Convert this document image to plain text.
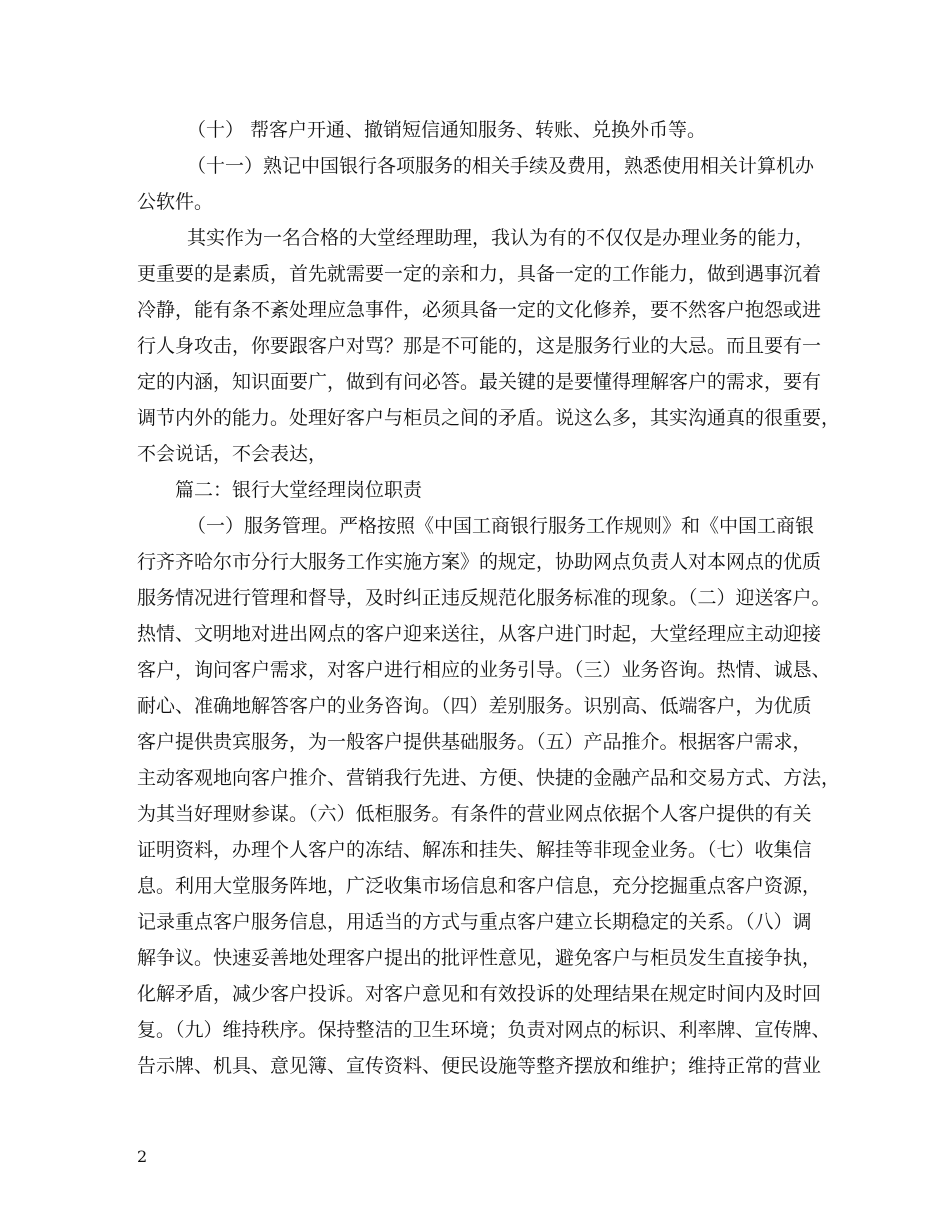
（十） 帮客户开通、撤销短信通知服务、转账、兑换外币等。
（十一）熟记中国银行各项服务的相关手续及费用，熟悉使用相关计算机办
公软件。
其实作为一名合格的大堂经理助理，我认为有的不仅仅是办理业务的能力，
更重要的是素质，首先就需要一定的亲和力，具备一定的工作能力，做到遇事沉着
冷静，能有条不紊处理应急事件，必须具备一定的文化修养，要不然客户抱怨或进
行人身攻击，你要跟客户对骂？那是不可能的，这是服务行业的大忌。而且要有一
定的内涵，知识面要广，做到有问必答。最关键的是要懂得理解客户的需求，要有
调节内外的能力。处理好客户与柜员之间的矛盾。说这么多，其实沟通真的很重要，
不会说话，不会表达，
篇二：银行大堂经理岗位职责
（一）服务管理。严格按照《中国工商银行服务工作规则》和《中国工商银
行齐齐哈尔市分行大服务工作实施方案》的规定，协助网点负责人对本网点的优质
服务情况进行管理和督导，及时纠正违反规范化服务标准的现象。（二）迎送客户。
热情、文明地对进出网点的客户迎来送往，从客户进门时起，大堂经理应主动迎接
客户，询问客户需求，对客户进行相应的业务引导。（三）业务咨询。热情、诚恳、
耐心、准确地解答客户的业务咨询。（四）差别服务。识别高、低端客户，为优质
客户提供贵宾服务，为一般客户提供基础服务。（五）产品推介。根据客户需求，
主动客观地向客户推介、营销我行先进、方便、快捷的金融产品和交易方式、方法，
为其当好理财参谋。（六）低柜服务。有条件的营业网点依据个人客户提供的有关
证明资料，办理个人客户的冻结、解冻和挂失、解挂等非现金业务。（七）收集信
息。利用大堂服务阵地，广泛收集市场信息和客户信息，充分挖掘重点客户资源，
记录重点客户服务信息，用适当的方式与重点客户建立长期稳定的关系。（八）调
解争议。快速妥善地处理客户提出的批评性意见，避免客户与柜员发生直接争执，
化解矛盾，减少客户投诉。对客户意见和有效投诉的处理结果在规定时间内及时回
复。（九）维持秩序。保持整洁的卫生环境；负责对网点的标识、利率牌、宣传牌、
告示牌、机具、意见簿、宣传资料、便民设施等整齐摆放和维护；维持正常的营业
2
